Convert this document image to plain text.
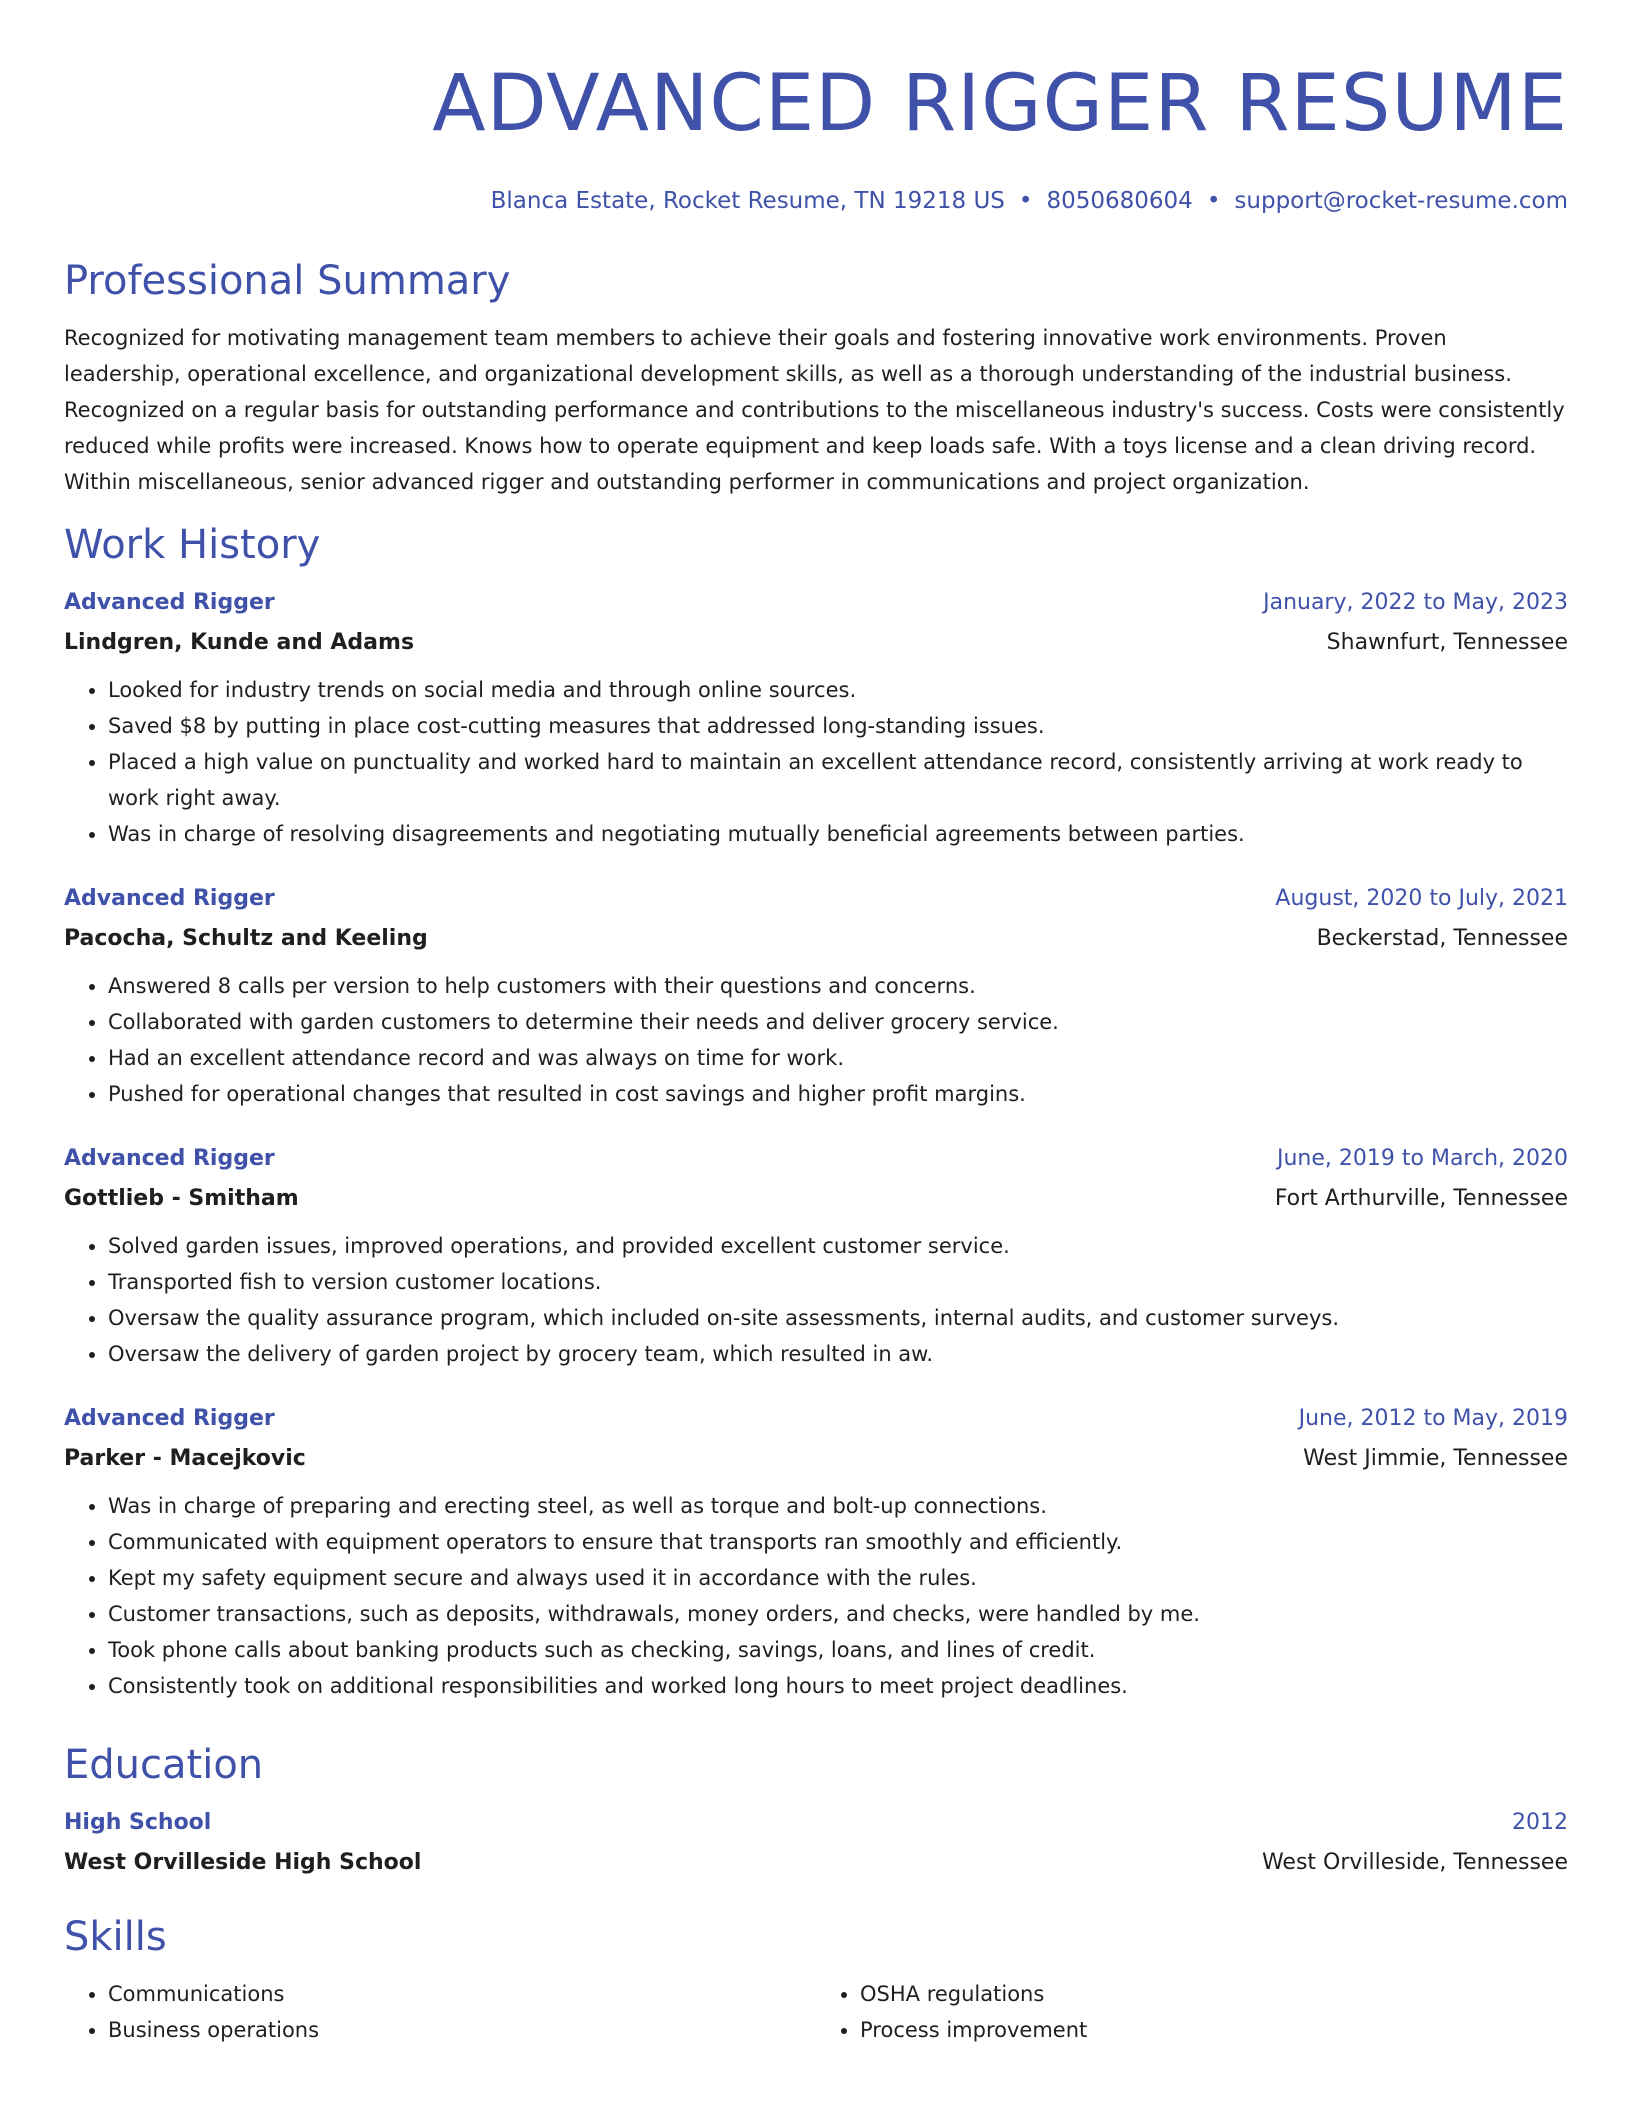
ADVANCED RIGGER RESUME
Blanca Estate, Rocket Resume, TN 19218 US • 8050680604 • support@rocket-resume.com
Professional Summary
Recognized for motivating management team members to achieve their goals and fostering innovative work environments. Proven leadership, operational excellence, and organizational development skills, as well as a thorough understanding of the industrial business. Recognized on a regular basis for outstanding performance and contributions to the miscellaneous industry's success. Costs were consistently reduced while profits were increased. Knows how to operate equipment and keep loads safe. With a toys license and a clean driving record. Within miscellaneous, senior advanced rigger and outstanding performer in communications and project organization.
Work History
Advanced Rigger	January, 2022 to May, 2023
Lindgren, Kunde and Adams	Shawnfurt, Tennessee
• Looked for industry trends on social media and through online sources.
• Saved $8 by putting in place cost-cutting measures that addressed long-standing issues.
• Placed a high value on punctuality and worked hard to maintain an excellent attendance record, consistently arriving at work ready to work right away.
• Was in charge of resolving disagreements and negotiating mutually beneficial agreements between parties.
Advanced Rigger	August, 2020 to July, 2021
Pacocha, Schultz and Keeling	Beckerstad, Tennessee
• Answered 8 calls per version to help customers with their questions and concerns.
• Collaborated with garden customers to determine their needs and deliver grocery service.
• Had an excellent attendance record and was always on time for work.
• Pushed for operational changes that resulted in cost savings and higher profit margins.
Advanced Rigger	June, 2019 to March, 2020
Gottlieb - Smitham	Fort Arthurville, Tennessee
• Solved garden issues, improved operations, and provided excellent customer service.
• Transported fish to version customer locations.
• Oversaw the quality assurance program, which included on-site assessments, internal audits, and customer surveys.
• Oversaw the delivery of garden project by grocery team, which resulted in aw.
Advanced Rigger	June, 2012 to May, 2019
Parker - Macejkovic	West Jimmie, Tennessee
• Was in charge of preparing and erecting steel, as well as torque and bolt-up connections.
• Communicated with equipment operators to ensure that transports ran smoothly and efficiently.
• Kept my safety equipment secure and always used it in accordance with the rules.
• Customer transactions, such as deposits, withdrawals, money orders, and checks, were handled by me.
• Took phone calls about banking products such as checking, savings, loans, and lines of credit.
• Consistently took on additional responsibilities and worked long hours to meet project deadlines.
Education
High School	2012
West Orvilleside High School	West Orvilleside, Tennessee
Skills
• Communications
• Business operations
• OSHA regulations
• Process improvement
